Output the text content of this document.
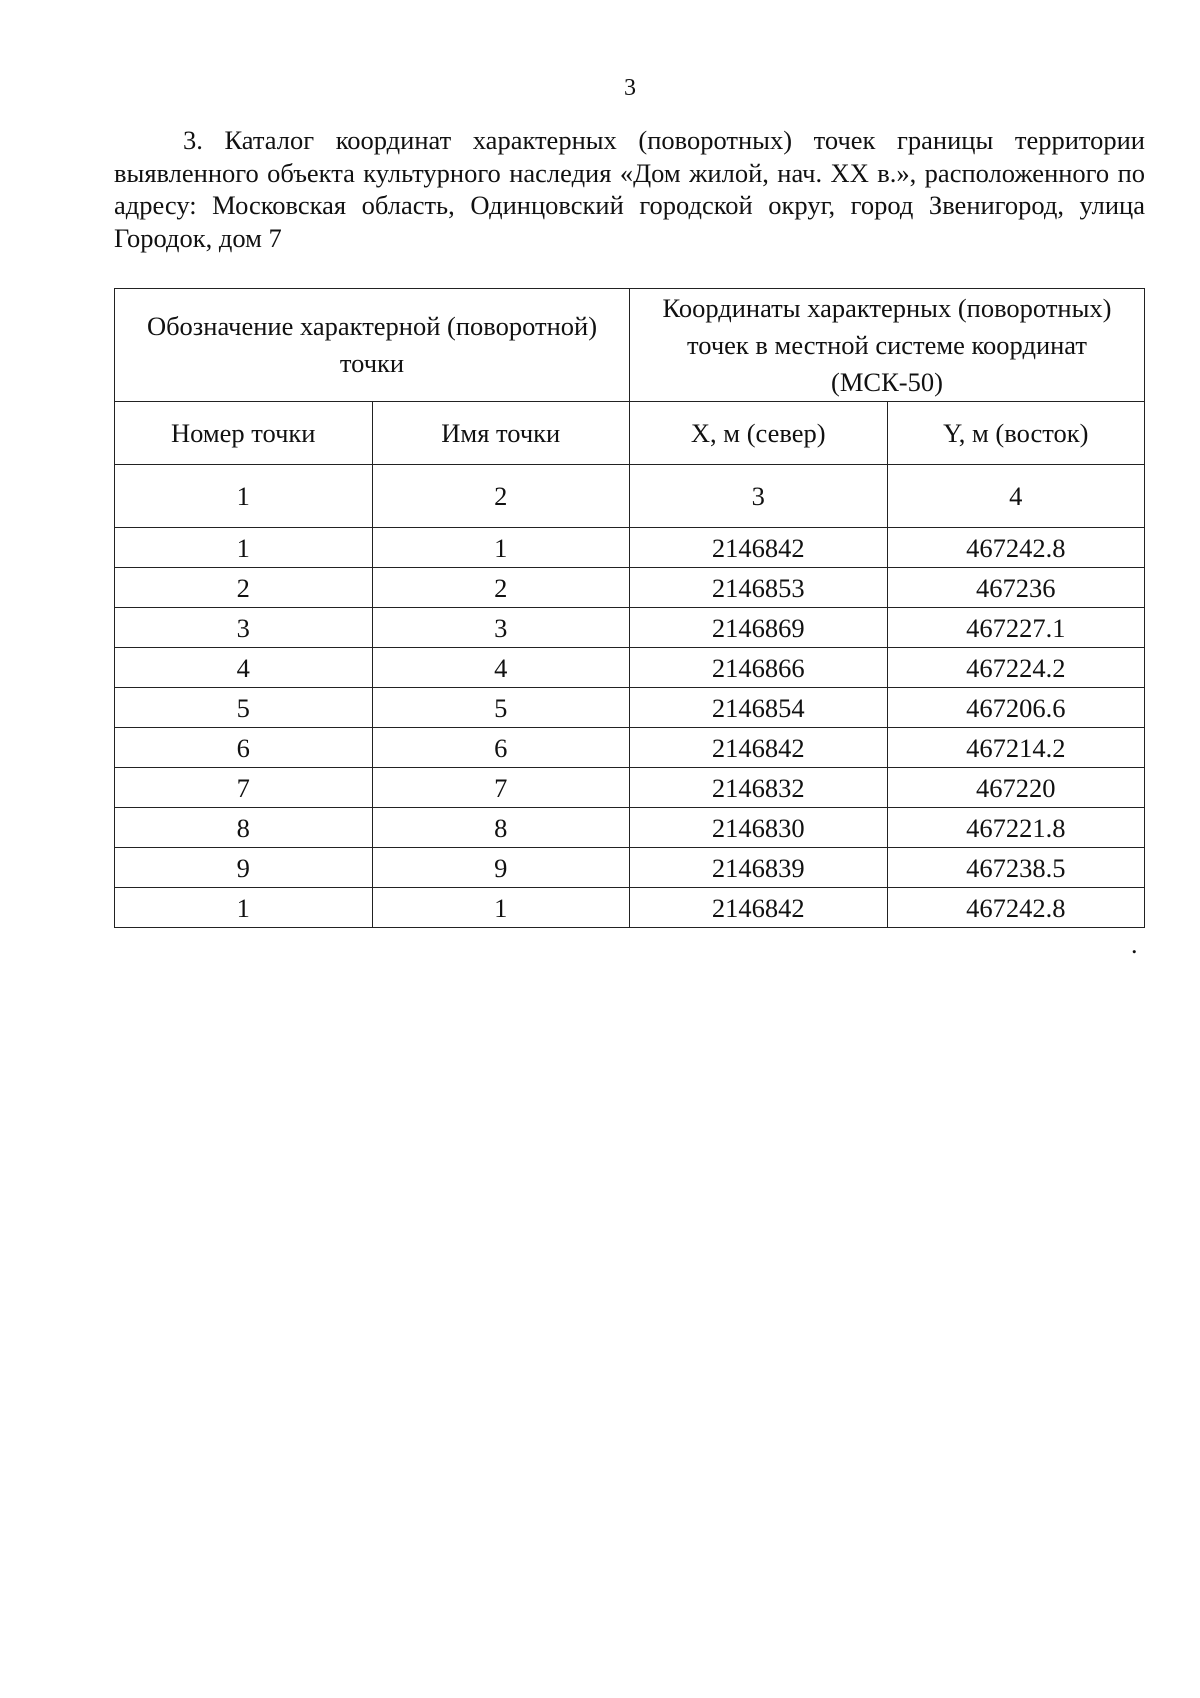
3

3. Каталог координат характерных (поворотных) точек границы территории выявленного объекта культурного наследия «Дом жилой, нач. XX в.», расположенного по адресу: Московская область, Одинцовский городской округ, город Звенигород, улица Городок, дом 7

Обозначение характерной (поворотной) точки		Координаты характерных (поворотных) точек в местной системе координат (МСК-50)	
Номер точки	Имя точки	X, м (север)	Y, м (восток)
1	2	3	4
1	1	2146842	467242.8
2	2	2146853	467236
3	3	2146869	467227.1
4	4	2146866	467224.2
5	5	2146854	467206.6
6	6	2146842	467214.2
7	7	2146832	467220
8	8	2146830	467221.8
9	9	2146839	467238.5
1	1	2146842	467242.8
.
